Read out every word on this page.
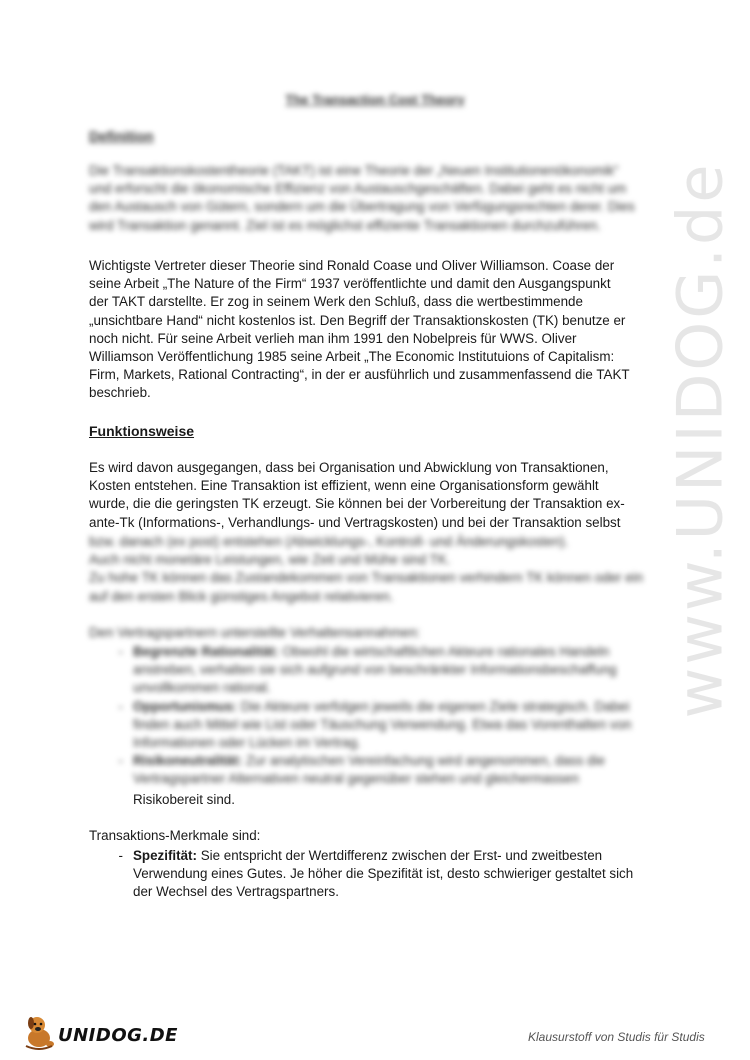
www.UNIDOG.de
The Transaction Cost Theory
Definition

Die Transaktionskostentheorie (TAKT) ist eine Theorie der „Neuen Institutionenökonomik“

und erforscht die ökonomische Effizienz von Austauschgeschäften. Dabei geht es nicht um

den Austausch von Gütern, sondern um die Übertragung von Verfügungsrechten derer. Dies

wird Transaktion genannt. Ziel ist es möglichst effiziente Transaktionen durchzuführen.

Wichtigste Vertreter dieser Theorie sind Ronald Coase und Oliver Williamson. Coase der

seine Arbeit „The Nature of the Firm“ 1937 veröffentlichte und damit den Ausgangspunkt

der TAKT darstellte. Er zog in seinem Werk den Schluß, dass die wertbestimmende

„unsichtbare Hand“ nicht kostenlos ist. Den Begriff der Transaktionskosten (TK) benutze er

noch nicht. Für seine Arbeit verlieh man ihm 1991 den Nobelpreis für WWS. Oliver

Williamson Veröffentlichung 1985 seine Arbeit „The Economic Institutuions of Capitalism:

Firm, Markets, Rational Contracting“, in der er ausführlich und zusammenfassend die TAKT

beschrieb.

Funktionsweise

Es wird davon ausgegangen, dass bei Organisation und Abwicklung von Transaktionen,

Kosten entstehen. Eine Transaktion ist effizient, wenn eine Organisationsform gewählt

wurde, die die geringsten TK erzeugt. Sie können bei der Vorbereitung der Transaktion ex-

ante-Tk (Informations-, Verhandlungs- und Vertragskosten) und bei der Transaktion selbst

bzw. danach (ex post) entstehen (Abwicklungs-, Kontroll- und Änderungskosten).

Auch nicht monetäre Leistungen, wie Zeit und Mühe sind TK.

Zu hohe TK können das Zustandekommen von Transaktionen verhindern TK können oder ein

auf den ersten Blick günstiges Angebot relativieren.

Den Vertragspartnern unterstellte Verhaltensannahmen:
- Begrenzte Rationalität: Obwohl die wirtschaftlichen Akteure rationales Handeln
anstreben, verhalten sie sich aufgrund von beschränkter Informationsbeschaffung
unvollkommen rational.
- Opportunismus: Die Akteure verfolgen jeweils die eigenen Ziele strategisch. Dabei
finden auch Mittel wie List oder Täuschung Verwendung. Etwa das Vorenthalten von
Informationen oder Lücken im Vertrag.
- Risikoneutralität: Zur analytischen Vereinfachung wird angenommen, dass die
Vertragspartner Alternativen neutral gegenüber stehen und gleichermassen
Risikobereit sind.
Transaktions-Merkmale sind:
- Spezifität: Sie entspricht der Wertdifferenz zwischen der Erst- und zweitbesten
Verwendung eines Gutes. Je höher die Spezifität ist, desto schwieriger gestaltet sich
der Wechsel des Vertragspartners.
UNIDOG.DE	Klausurstoff von Studis für Studis
